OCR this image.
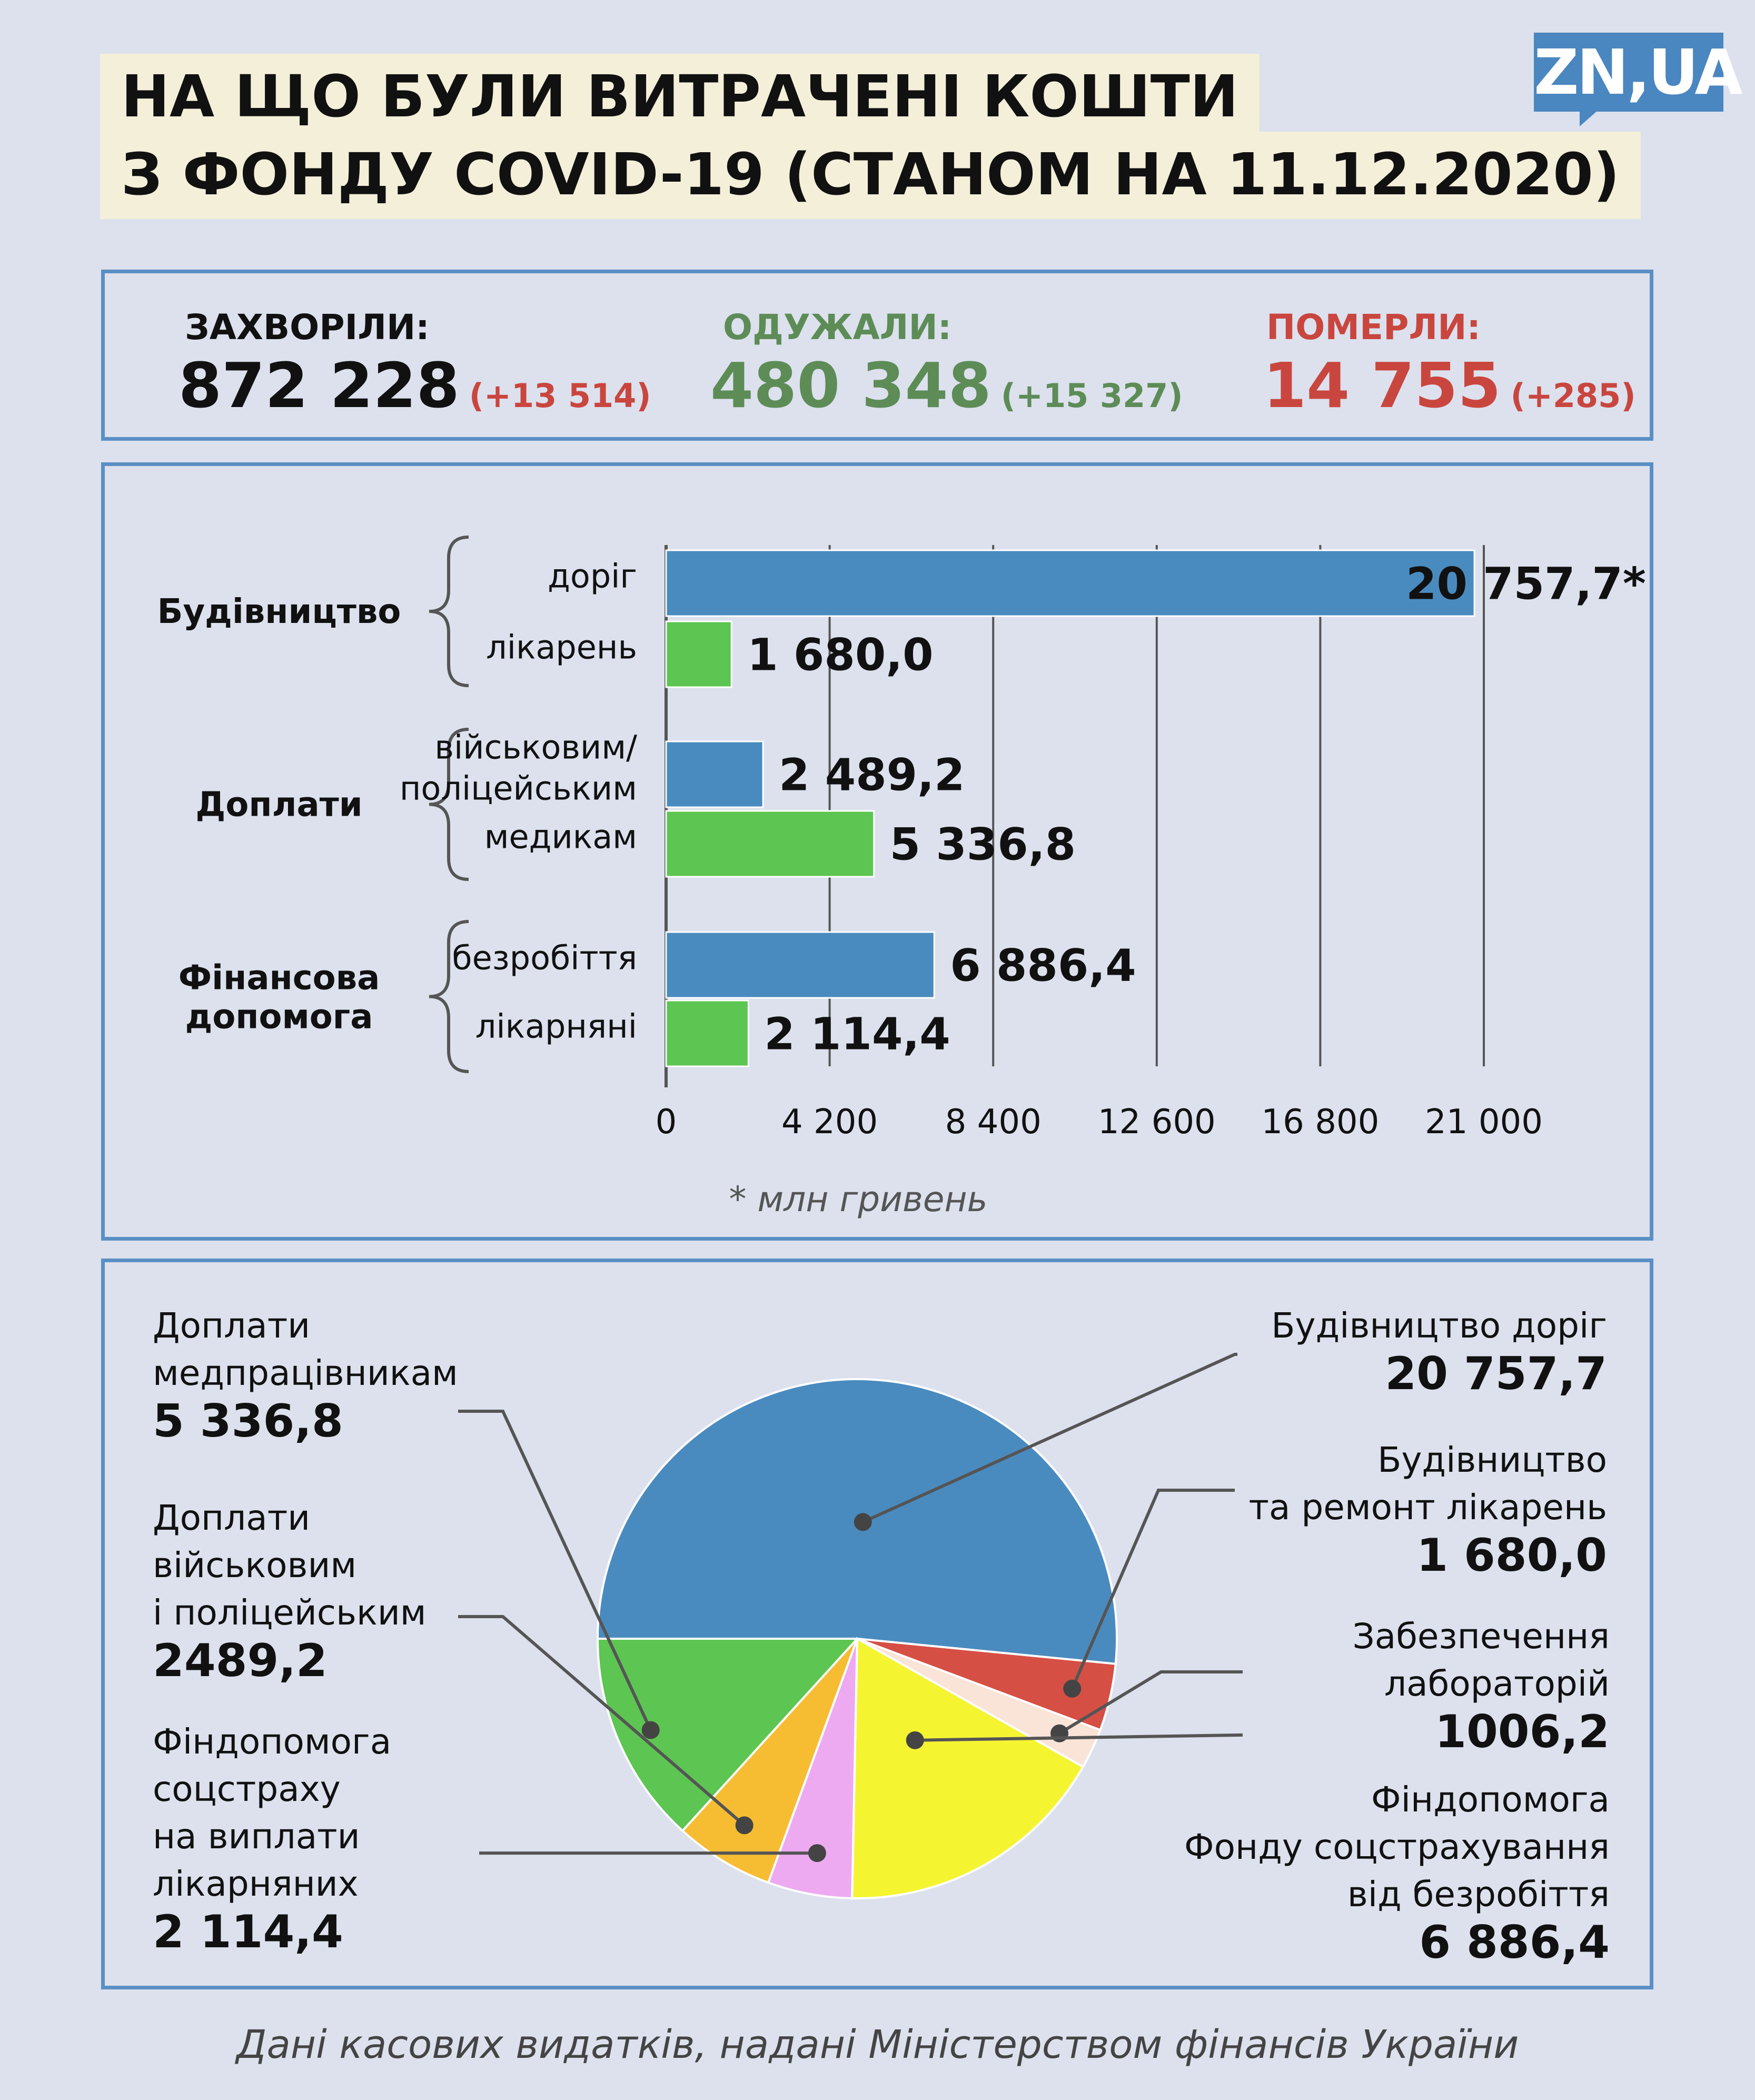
НА ЩО БУЛИ ВИТРАЧЕНІ КОШТИ
З ФОНДУ COVID-19 (СТАНОМ НА 11.12.2020)
ZN,UA
ЗАХВОРІЛИ:
872 228 (+13 514)
ОДУЖАЛИ:
480 348 (+15 327)
ПОМЕРЛИ:
14 755 (+285)
0	4 200 8 400 12 600 16 800 21 000
* млн гривень
Будівництво
доріг	20 757,7*
лікарень 1 680,0
Доплати
військовим/ поліцейським	2 489,2
медикам	5 336,8
Фінансова допомога
безробіття	6 886,4
лікарняні	2 114,4
Будівництво доріг
20 757,7
Будівництво та ремонт лікарень
1 680,0
Забезпечення лабораторій
1006,2
Фіндопомога Фонду соцстрахування від безробіття
6 886,4
Фіндопомога соцстраху на виплати лікарняних
2 114,4
Доплати військовим і поліцейським
2489,2
Доплати медпрацівникам
5 336,8
Дані касових видатків, надані Міністерством фінансів України
